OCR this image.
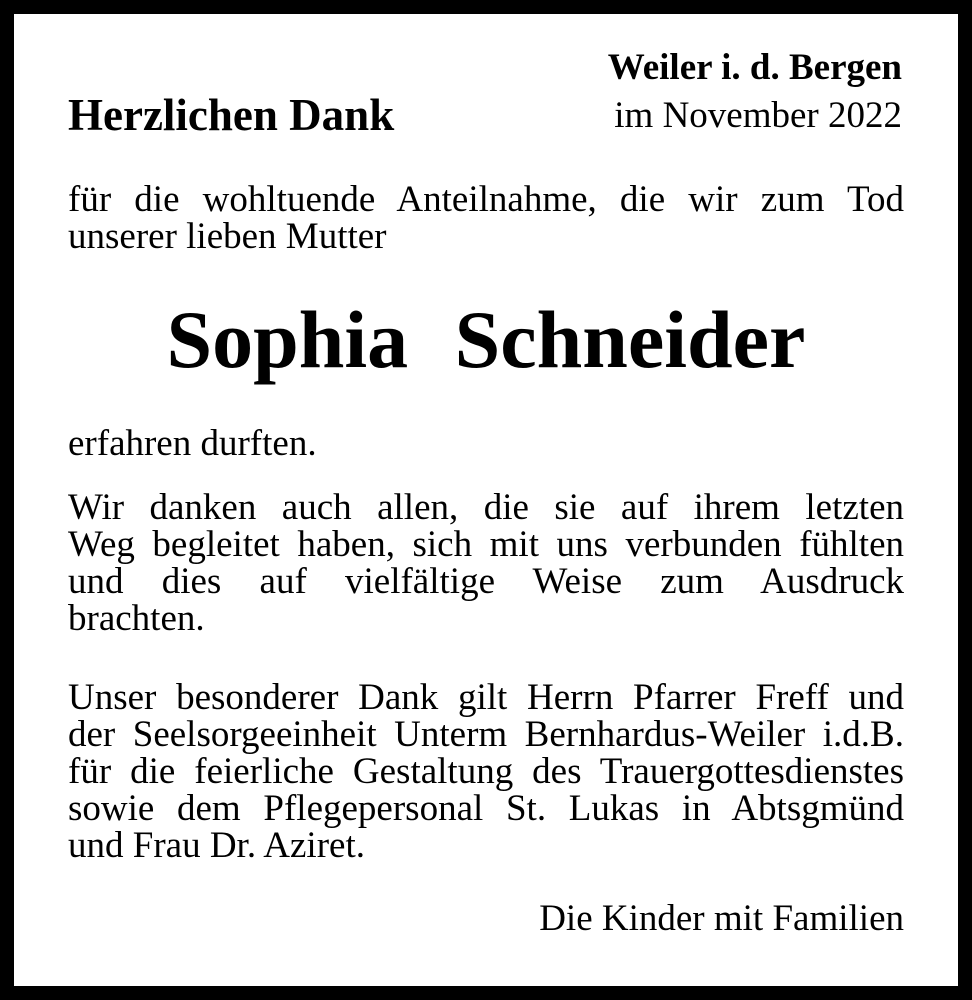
Weiler i. d. Bergen
im November 2022
Herzlichen Dank
für die wohltuende Anteilnahme, die wir zum Tod
unserer lieben Mutter
Sophia Schneider
erfahren durften.
Wir danken auch allen, die sie auf ihrem letzten
Weg begleitet haben, sich mit uns verbunden fühlten
und dies auf vielfältige Weise zum Ausdruck
brachten.
Unser besonderer Dank gilt Herrn Pfarrer Freff und
der Seelsorgeeinheit Unterm Bernhardus-Weiler i.d.B.
für die feierliche Gestaltung des Trauergottesdienstes
sowie dem Pflegepersonal St. Lukas in Abtsgmünd
und Frau Dr. Aziret.
Die Kinder mit Familien
